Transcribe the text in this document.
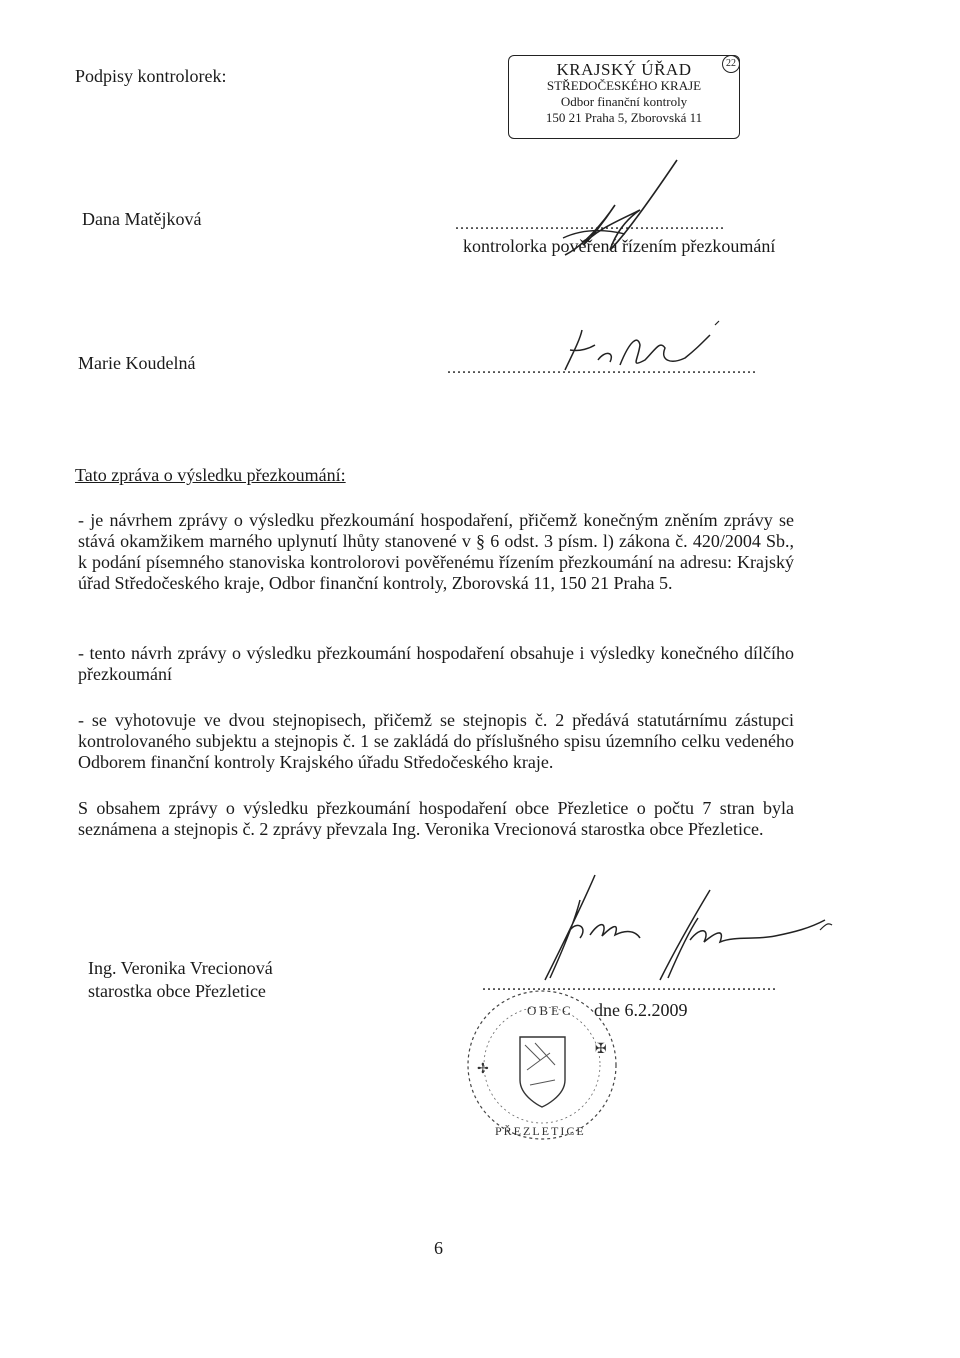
Podpisy kontrolorek:	KRAJSKÝ ÚŘAD
STŘEDOČESKÉHO KRAJE
Odbor finanční kontroly
150 21 Praha 5, Zborovská 11
22
Dana Matějková	......................................................
kontrolorka pověřená řízením přezkoumání
Marie Koudelná	..............................................................
Tato zpráva o výsledku přezkoumání:
- je návrhem zprávy o výsledku přezkoumání hospodaření, přičemž konečným zněním zprávy se stává okamžikem marného uplynutí lhůty stanovené v § 6 odst. 3 písm. l) zákona č. 420/2004 Sb., k podání písemného stanoviska kontrolorovi pověřenému řízením přezkoumání na adresu: Krajský úřad Středočeského kraje, Odbor finanční kontroly, Zborovská 11, 150 21 Praha 5.
- tento návrh zprávy o výsledku přezkoumání hospodaření obsahuje i výsledky konečného dílčího přezkoumání
- se vyhotovuje ve dvou stejnopisech, přičemž se stejnopis č. 2 předává statutárnímu zástupci kontrolovaného subjektu a stejnopis č. 1 se zakládá do příslušného spisu územního celku vedeného Odborem finanční kontroly Krajského úřadu Středočeského kraje.
S obsahem zprávy o výsledku přezkoumání hospodaření obce Přezletice o počtu 7 stran byla seznámena a stejnopis č. 2 zprávy převzala Ing. Veronika Vrecionová starostka obce Přezletice.
Ing. Veronika Vrecionová
starostka obce Přezletice	...........................................................
dne 6.2.2009
✢
✠
OBEC
PŘEZLETICE
6
